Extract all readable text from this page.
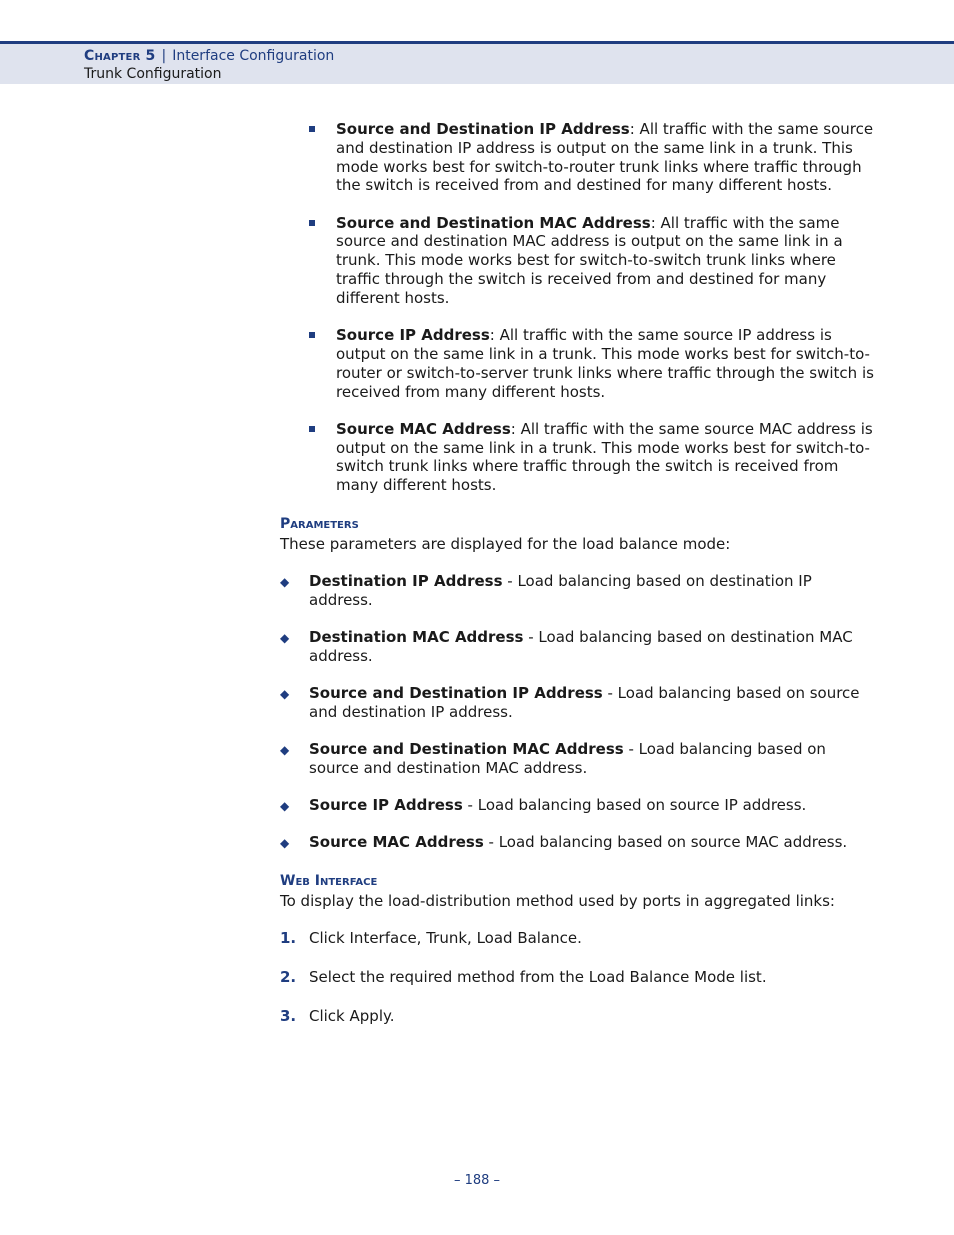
Chapter 5 | Interface Configuration
Trunk Configuration
Source and Destination IP Address: All traffic with the same source and destination IP address is output on the same link in a trunk. This mode works best for switch-to-router trunk links where traffic through the switch is received from and destined for many different hosts.
Source and Destination MAC Address: All traffic with the same source and destination MAC address is output on the same link in a trunk. This mode works best for switch-to-switch trunk links where traffic through the switch is received from and destined for many different hosts.
Source IP Address: All traffic with the same source IP address is output on the same link in a trunk. This mode works best for switch-to-router or switch-to-server trunk links where traffic through the switch is received from many different hosts.
Source MAC Address: All traffic with the same source MAC address is output on the same link in a trunk. This mode works best for switch-to-switch trunk links where traffic through the switch is received from many different hosts.
Parameters
These parameters are displayed for the load balance mode:
◆ Destination IP Address - Load balancing based on destination IP address.
◆ Destination MAC Address - Load balancing based on destination MAC address.
◆ Source and Destination IP Address - Load balancing based on source and destination IP address.
◆ Source and Destination MAC Address - Load balancing based on source and destination MAC address.
◆ Source IP Address - Load balancing based on source IP address.
◆ Source MAC Address - Load balancing based on source MAC address.
Web Interface
To display the load-distribution method used by ports in aggregated links:
1. Click Interface, Trunk, Load Balance.
2. Select the required method from the Load Balance Mode list.
3. Click Apply.
– 188 –
